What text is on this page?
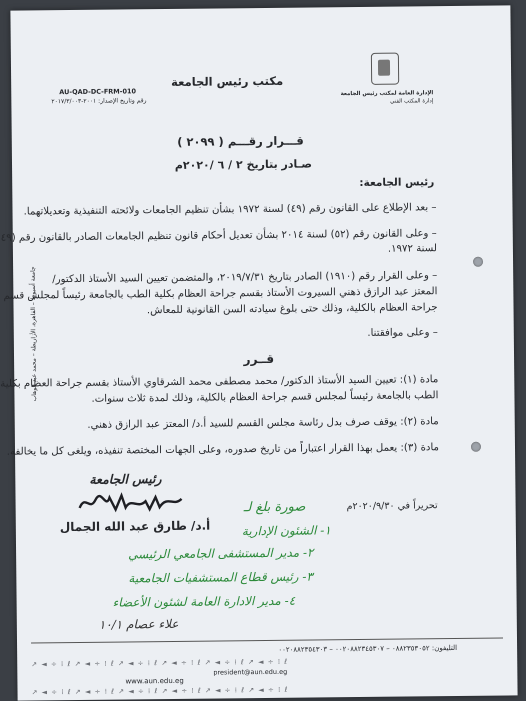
الإدارة العامة لمكتب رئيس الجامعة
إدارة المكتب الفني
مكتب رئيس الجامعة
AU-QAD-DC-FRM-010
رقم وتاريخ الإصدار: ٢٠٠١-٢٠١٧/٣/٠٠٣
قـــرار رقـــم ( ٢٠٩٩ )
صـادر بتاريخ ٢ / ٦ /٢٠٢٠م
رئيس الجامعة:
– بعد الإطلاع على القانون رقم (٤٩) لسنة ١٩٧٢ بشأن تنظيم الجامعات ولائحته التنفيذية وتعديلاتهما.
– وعلى القانون رقم (٥٢) لسنة ٢٠١٤ بشأن تعديل أحكام قانون تنظيم الجامعات الصادر بالقانون رقم (٤٩)
لسنة ١٩٧٢.
– وعلى القرار رقم (١٩١٠) الصادر بتاريخ ٢٠١٩/٧/٣١، والمتضمن تعيين السيد الأستاذ الدكتور/
المعتز عبد الرازق ذهني السيروت الأستاذ بقسم جراحة العظام بكلية الطب بالجامعة رئيساً لمجلس قسم
جراحة العظام بالكلية، وذلك حتى بلوغ سيادته السن القانونية للمعاش.
– وعلى موافقتنا.
قــرر
مادة (١): تعيين السيد الأستاذ الدكتور/ محمد مصطفى محمد الشرقاوي الأستاذ بقسم جراحة العظام بكلية
الطب بالجامعة رئيساً لمجلس قسم جراحة العظام بالكلية، وذلك لمدة ثلاث سنوات.
مادة (٢): يوقف صرف بدل رئاسة مجلس القسم للسيد أ.د/ المعتز عبد الرازق ذهني.
مادة (٣): يعمل بهذا القرار اعتباراً من تاريخ صدوره، وعلى الجهات المختصة تنفيذه، ويلغى كل ما يخالفه.
رئيس الجامعة
أ.د/ طارق عبد الله الجمال
تحريراً في ٢٠٢٠/٩/٣٠م
صورة بلغ لـ
١- الشئون الإدارية
٢- مدير المستشفى الجامعي الرئيسي
٣- رئيس قطاع المستشفيات الجامعية
٤- مدير الادارة العامة لشئون الأعضاء
علاء عصام ١٠/١
جامعة أسيوط – القاهرة، الأزاريطة – محمد عبد الوهاب
التليفون: ٠٨٨٢٣٥٣٠٥٢ – ٠٠٢٠٨٨٢٣٤٥٣٠٧ – ٠٠٢٠٨٨٢٣٥٤٣٠٣
↗ ◄ ÷ ⁞ ℓ ↗ ◄ ÷ ⁞ ℓ ↗ ◄ ÷ ⁞ ℓ ↗ ◄ ÷ ⁞ ℓ ↗ ◄ ÷ ⁞ ℓ ↗ ◄ ÷ ⁞ ℓ
president@aun.edu.eg
www.aun.edu.eg
↗ ◄ ÷ ⁞ ℓ ↗ ◄ ÷ ⁞ ℓ ↗ ◄ ÷ ⁞ ℓ ↗ ◄ ÷ ⁞ ℓ ↗ ◄ ÷ ⁞ ℓ ↗ ◄ ÷ ⁞ ℓ
